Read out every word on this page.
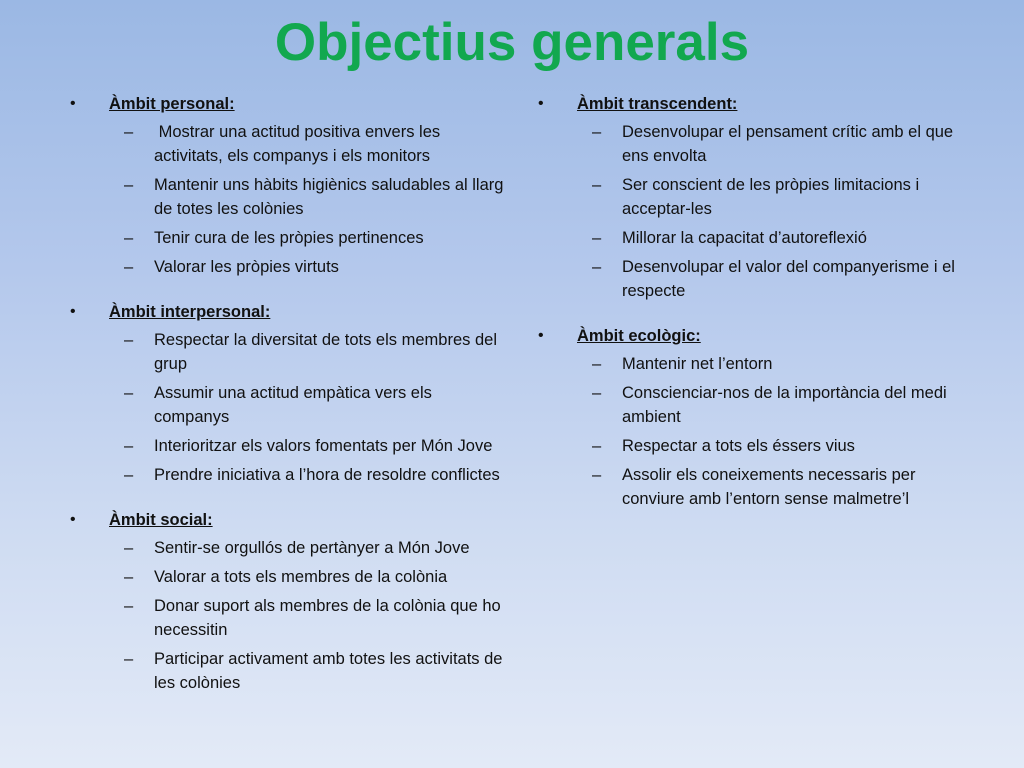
Objectius generals
• Àmbit personal:
– Mostrar una actitud positiva envers les activitats, els companys i els monitors
– Mantenir uns hàbits higiènics saludables al llarg de totes les colònies
– Tenir cura de les pròpies pertinences
– Valorar les pròpies virtuts
• Àmbit interpersonal:
– Respectar la diversitat de tots els membres del grup
– Assumir una actitud empàtica vers els companys
– Interioritzar els valors fomentats per Món Jove
– Prendre iniciativa a l’hora de resoldre conflictes
• Àmbit social:
– Sentir-se orgullós de pertànyer a Món Jove
– Valorar a tots els membres de la colònia
– Donar suport als membres de la colònia que ho necessitin
– Participar activament amb totes les activitats de les colònies
• Àmbit transcendent:
– Desenvolupar el pensament crític amb el que ens envolta
– Ser conscient de les pròpies limitacions i acceptar-les
– Millorar la capacitat d’autoreflexió
– Desenvolupar el valor del companyerisme i el respecte
• Àmbit ecològic:
– Mantenir net l’entorn
– Conscienciar-nos de la importància del medi ambient
– Respectar a tots els éssers vius
– Assolir els coneixements necessaris per conviure amb l’entorn sense malmetre’l
